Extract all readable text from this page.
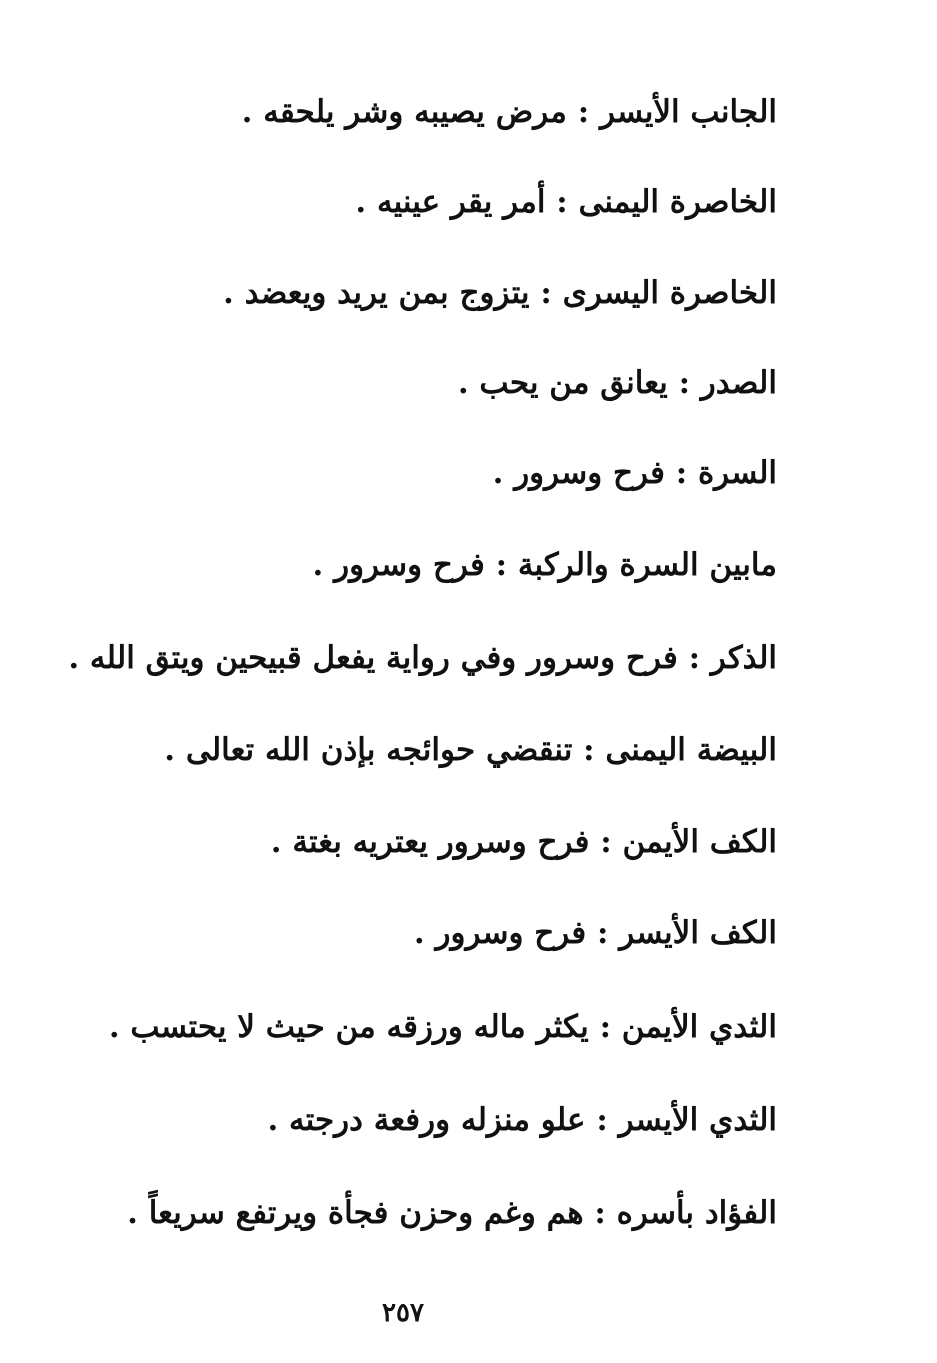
الجانب الأيسر : مرض يصيبه وشر يلحقه .
الخاصرة اليمنى : أمر يقر عينيه .
الخاصرة اليسرى : يتزوج بمن يريد ويعضد .
الصدر : يعانق من يحب .
السرة : فرح وسرور .
مابين السرة والركبة : فرح وسرور .
الذكر : فرح وسرور وفي رواية يفعل قبيحين ويتق الله .
البيضة اليمنى : تنقضي حوائجه بإذن الله تعالى .
الكف الأيمن : فرح وسرور يعتريه بغتة .
الكف الأيسر : فرح وسرور .
الثدي الأيمن : يكثر ماله ورزقه من حيث لا يحتسب .
الثدي الأيسر : علو منزله ورفعة درجته .
الفؤاد بأسره : هم وغم وحزن فجأة ويرتفع سريعاً .
٢٥٧
